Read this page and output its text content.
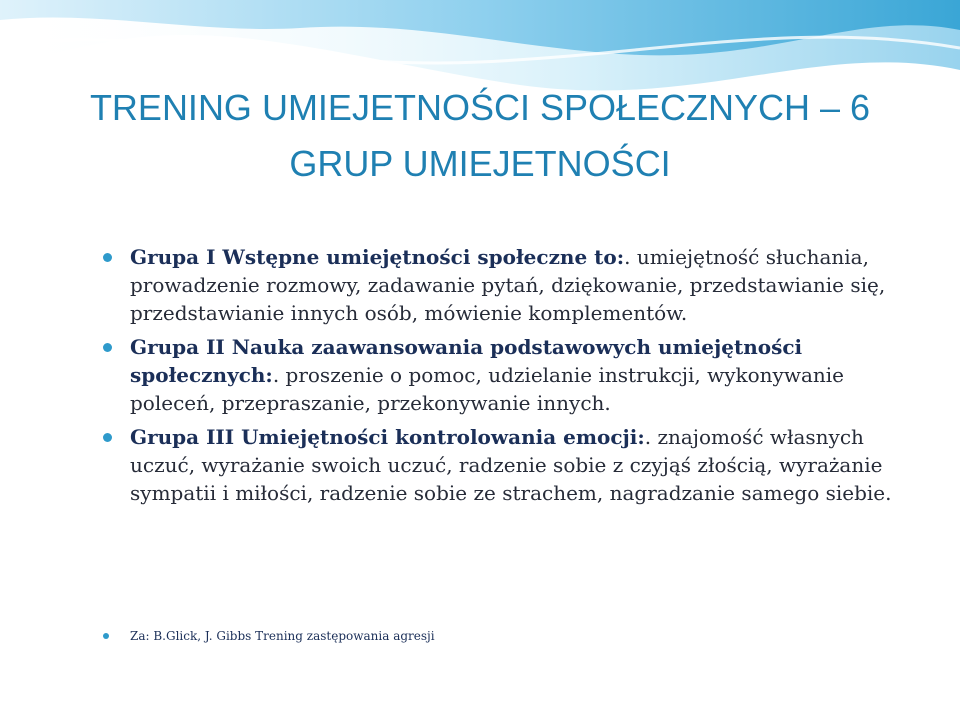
TRENING UMIEJETNOŚCI SPOŁECZNYCH – 6
GRUP UMIEJETNOŚCI
Grupa I Wstępne umiejętności społeczne to:. umiejętność słuchania, prowadzenie rozmowy, zadawanie pytań, dziękowanie, przedstawianie się, przedstawianie innych osób, mówienie komplementów.
Grupa II Nauka zaawansowania podstawowych umiejętności społecznych:. proszenie o pomoc, udzielanie instrukcji, wykonywanie poleceń, przepraszanie, przekonywanie innych.
Grupa III Umiejętności kontrolowania emocji:. znajomość własnych uczuć, wyrażanie swoich uczuć, radzenie sobie z czyjąś złością, wyrażanie sympatii i miłości, radzenie sobie ze strachem, nagradzanie samego siebie.
Za: B.Glick, J. Gibbs Trening zastępowania agresji
